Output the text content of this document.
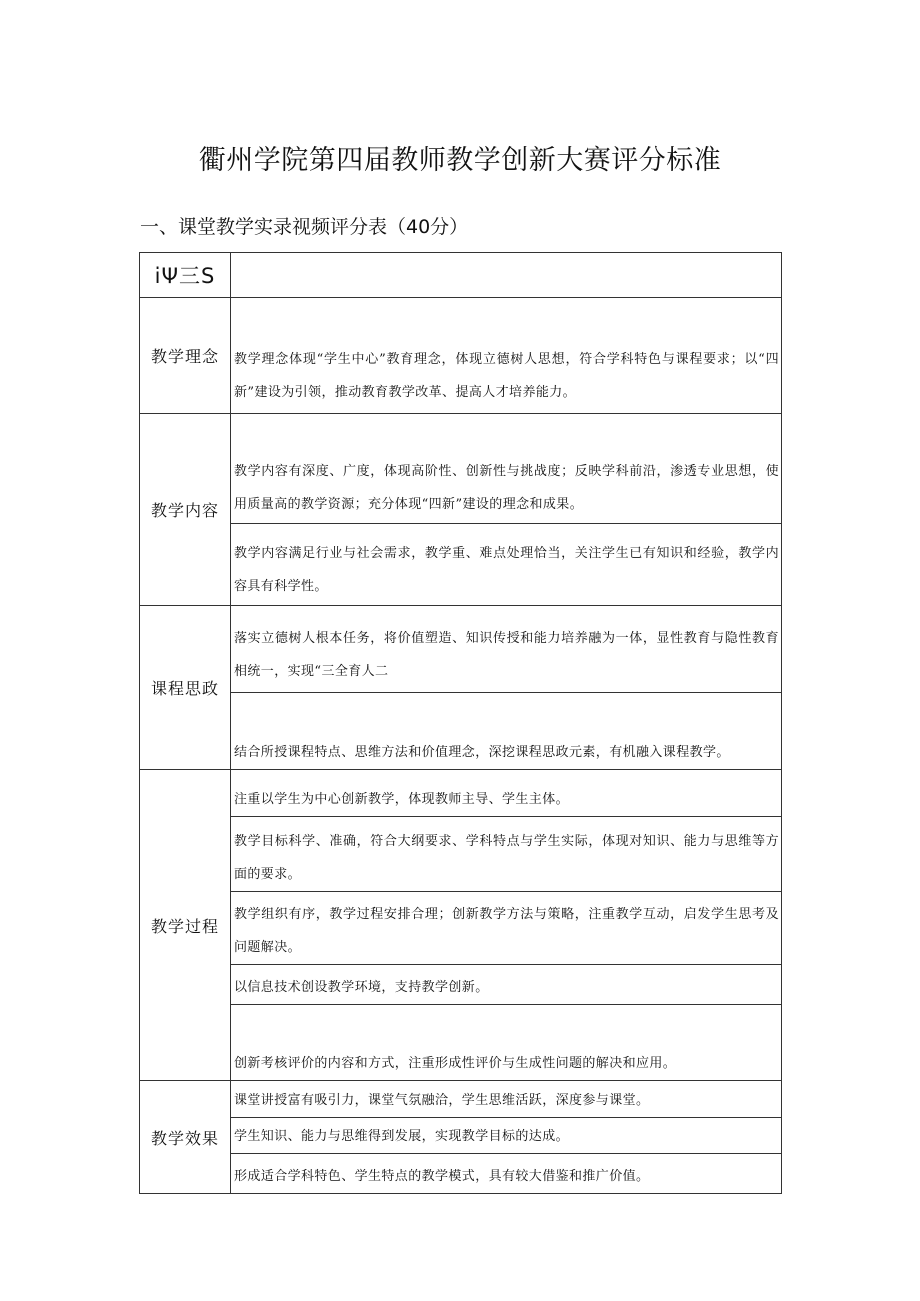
衢州学院第四届教师教学创新大赛评分标准
一、课堂教学实录视频评分表（40分）
iΨ三S	
教学理念	教学理念体现“学生中心”教育理念，体现立德树人思想，符合学科特色与课程要求；以“四新”建设为引领，推动教育教学改革、提高人才培养能力。
教学内容	教学内容有深度、广度，体现高阶性、创新性与挑战度；反映学科前沿，渗透专业思想，使用质量高的教学资源；充分体现“四新”建设的理念和成果。
	教学内容满足行业与社会需求，教学重、难点处理恰当，关注学生已有知识和经验，教学内容具有科学性。
课程思政	落实立德树人根本任务，将价值塑造、知识传授和能力培养融为一体，显性教育与隐性教育相统一，实现“三全育人二
	结合所授课程特点、思维方法和价值理念，深挖课程思政元素，有机融入课程教学。
教学过程	注重以学生为中心创新教学，体现教师主导、学生主体。
	教学目标科学、准确，符合大纲要求、学科特点与学生实际，体现对知识、能力与思维等方面的要求。
	教学组织有序，教学过程安排合理；创新教学方法与策略，注重教学互动，启发学生思考及问题解决。
	以信息技术创设教学环境，支持教学创新。
	创新考核评价的内容和方式，注重形成性评价与生成性问题的解决和应用。
教学效果	课堂讲授富有吸引力，课堂气氛融洽，学生思维活跃，深度参与课堂。
	学生知识、能力与思维得到发展，实现教学目标的达成。
	形成适合学科特色、学生特点的教学模式，具有较大借鉴和推广价值。
